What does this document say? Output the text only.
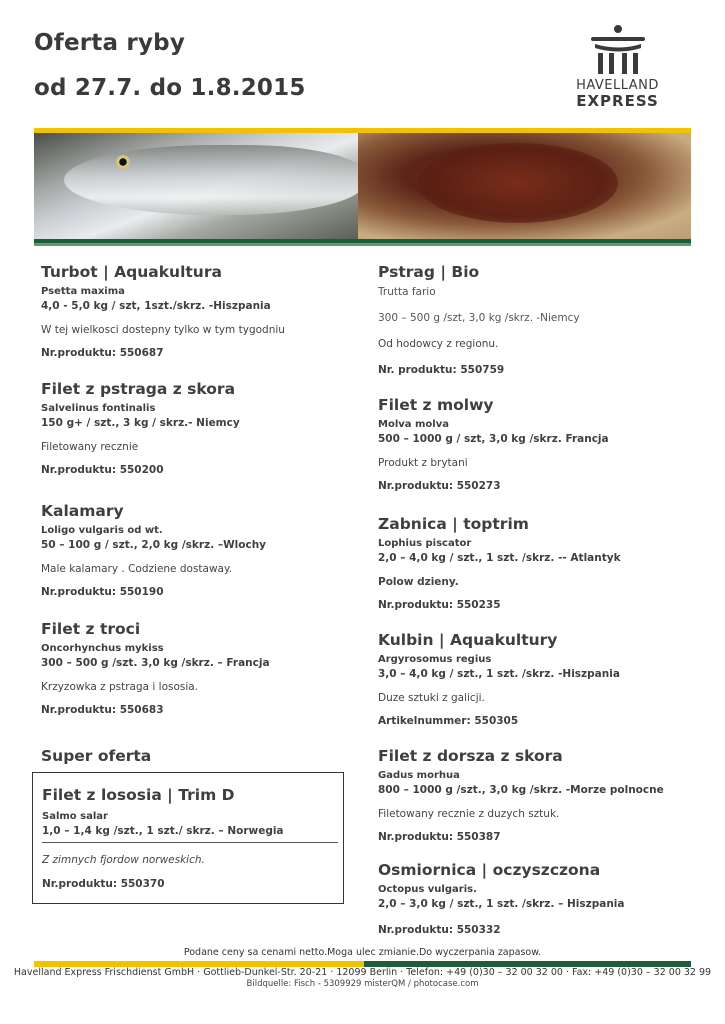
Oferta ryby
od 27.7. do 1.8.2015	HAVELLAND
EXPRESS
Turbot | Aquakultura
Psetta maxima
4,0 - 5,0 kg / szt, 1szt./skrz. -Hiszpania
W tej wielkosci dostepny tylko w tym tygodniu
Nr.produktu: 550687
Filet z pstraga z skora
Salvelinus fontinalis
150 g+ / szt., 3 kg / skrz.- Niemcy
Filetowany recznie
Nr.produktu: 550200
Kalamary
Loligo vulgaris od wt.
50 – 100 g / szt., 2,0 kg /skrz. –Wlochy
Male kalamary . Codziene dostaway.
Nr.produktu: 550190
Filet z troci
Oncorhynchus mykiss
300 – 500 g /szt. 3,0 kg /skrz. – Francja
Krzyzowka z pstraga i lososia.
Nr.produktu: 550683
Super oferta
Filet z lososia | Trim D
Salmo salar
1,0 – 1,4 kg /szt., 1 szt./ skrz. – Norwegia
Z zimnych fjordow norweskich.
Nr.produktu: 550370
Pstrag | Bio
Trutta fario
300 – 500 g /szt, 3,0 kg /skrz. -Niemcy
Od hodowcy z regionu.
Nr. produktu: 550759
Filet z molwy
Molva molva
500 – 1000 g / szt, 3,0 kg /skrz. Francja
Produkt z brytani
Nr.produktu: 550273
Zabnica | toptrim
Lophius piscator
2,0 – 4,0 kg / szt., 1 szt. /skrz. -- Atlantyk
Polow dzieny.
Nr.produktu: 550235
Kulbin | Aquakultury
Argyrosomus regius
3,0 – 4,0 kg / szt., 1 szt. /skrz. -Hiszpania
Duze sztuki z galicji.
Artikelnummer: 550305
Filet z dorsza z skora
Gadus morhua
800 – 1000 g /szt., 3,0 kg /skrz. -Morze polnocne
Filetowany recznie z duzych sztuk.
Nr.produktu: 550387
Osmiornica | oczyszczona
Octopus vulgaris.
2,0 – 3,0 kg / szt., 1 szt. /skrz. – Hiszpania
Nr.produktu: 550332
Podane ceny sa cenami netto.Moga ulec zmianie.Do wyczerpania zapasow.
Havelland Express Frischdienst GmbH · Gottlieb-Dunkel-Str. 20-21 · 12099 Berlin · Telefon: +49 (0)30 – 32 00 32 00 · Fax: +49 (0)30 – 32 00 32 99
Bildquelle: Fisch - 5309929 misterQM / photocase.com
